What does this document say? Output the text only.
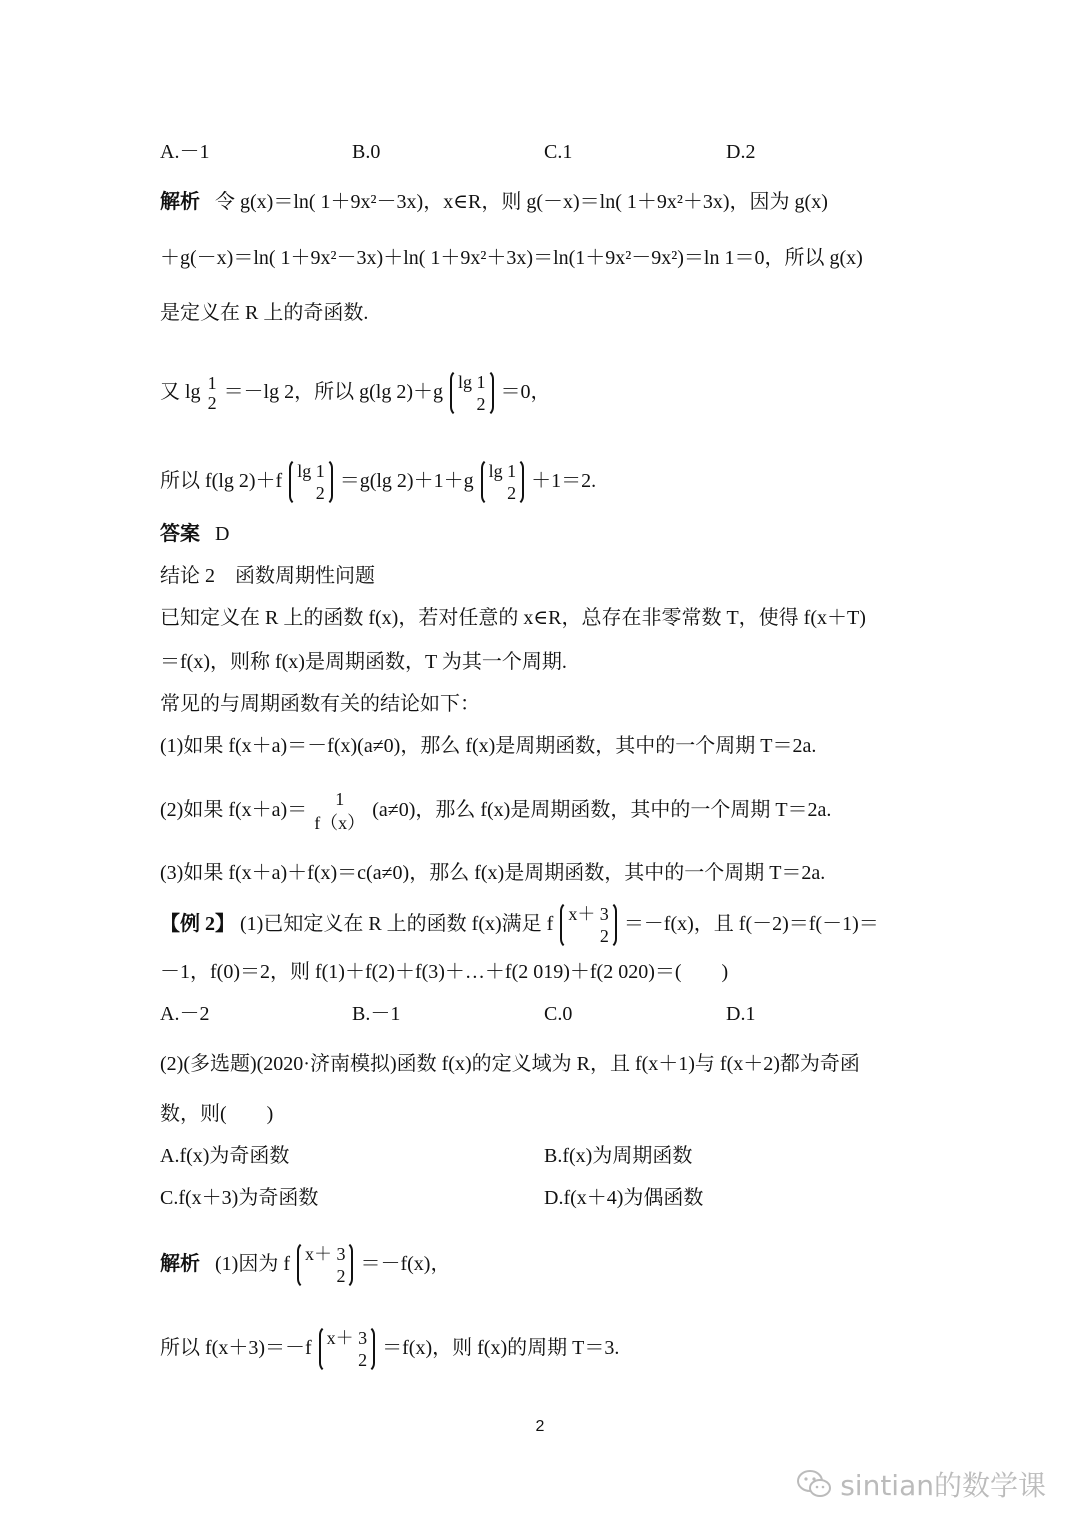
A.－1	B.0	C.1	D.2
解析 令 g(x)＝ln( 1＋9x²－3x)，x∈R，则 g(－x)＝ln( 1＋9x²＋3x)，因为 g(x)
＋g(－x)＝ln( 1＋9x²－3x)＋ln( 1＋9x²＋3x)＝ln(1＋9x²－9x²)＝ln 1＝0，所以 g(x)
是定义在 R 上的奇函数.
又 lg 1
2
＝－lg 2，所以 g(lg 2)＋g lg 1
2
＝0，
所以 f(lg 2)＋f lg 1
2
＝g(lg 2)＋1＋g lg 1
2
＋1＝2.
答案 D
结论 2　函数周期性问题
已知定义在 R 上的函数 f(x)，若对任意的 x∈R，总存在非零常数 T，使得 f(x＋T)
＝f(x)，则称 f(x)是周期函数，T 为其一个周期.
常见的与周期函数有关的结论如下：
(1)如果 f(x＋a)＝－f(x)(a≠0)，那么 f(x)是周期函数，其中的一个周期 T＝2a.
(2)如果 f(x＋a)＝	1
f（x）
(a≠0)，那么 f(x)是周期函数，其中的一个周期 T＝2a.
(3)如果 f(x＋a)＋f(x)＝c(a≠0)，那么 f(x)是周期函数，其中的一个周期 T＝2a.
【例 2】 (1)已知定义在 R 上的函数 f(x)满足 f x＋ 3
2
＝－f(x)，且 f(－2)＝f(－1)＝
－1，f(0)＝2，则 f(1)＋f(2)＋f(3)＋…＋f(2 019)＋f(2 020)＝(　　)
A.－2	B.－1	C.0	D.1
(2)(多选题)(2020·济南模拟)函数 f(x)的定义域为 R，且 f(x＋1)与 f(x＋2)都为奇函
数，则(　　)
A.f(x)为奇函数	B.f(x)为周期函数
C.f(x＋3)为奇函数	D.f(x＋4)为偶函数
解析 (1)因为 f x＋ 3
2
＝－f(x)，
所以 f(x＋3)＝－f x＋ 3
2
＝f(x)，则 f(x)的周期 T＝3.
2
sintian的数学课
